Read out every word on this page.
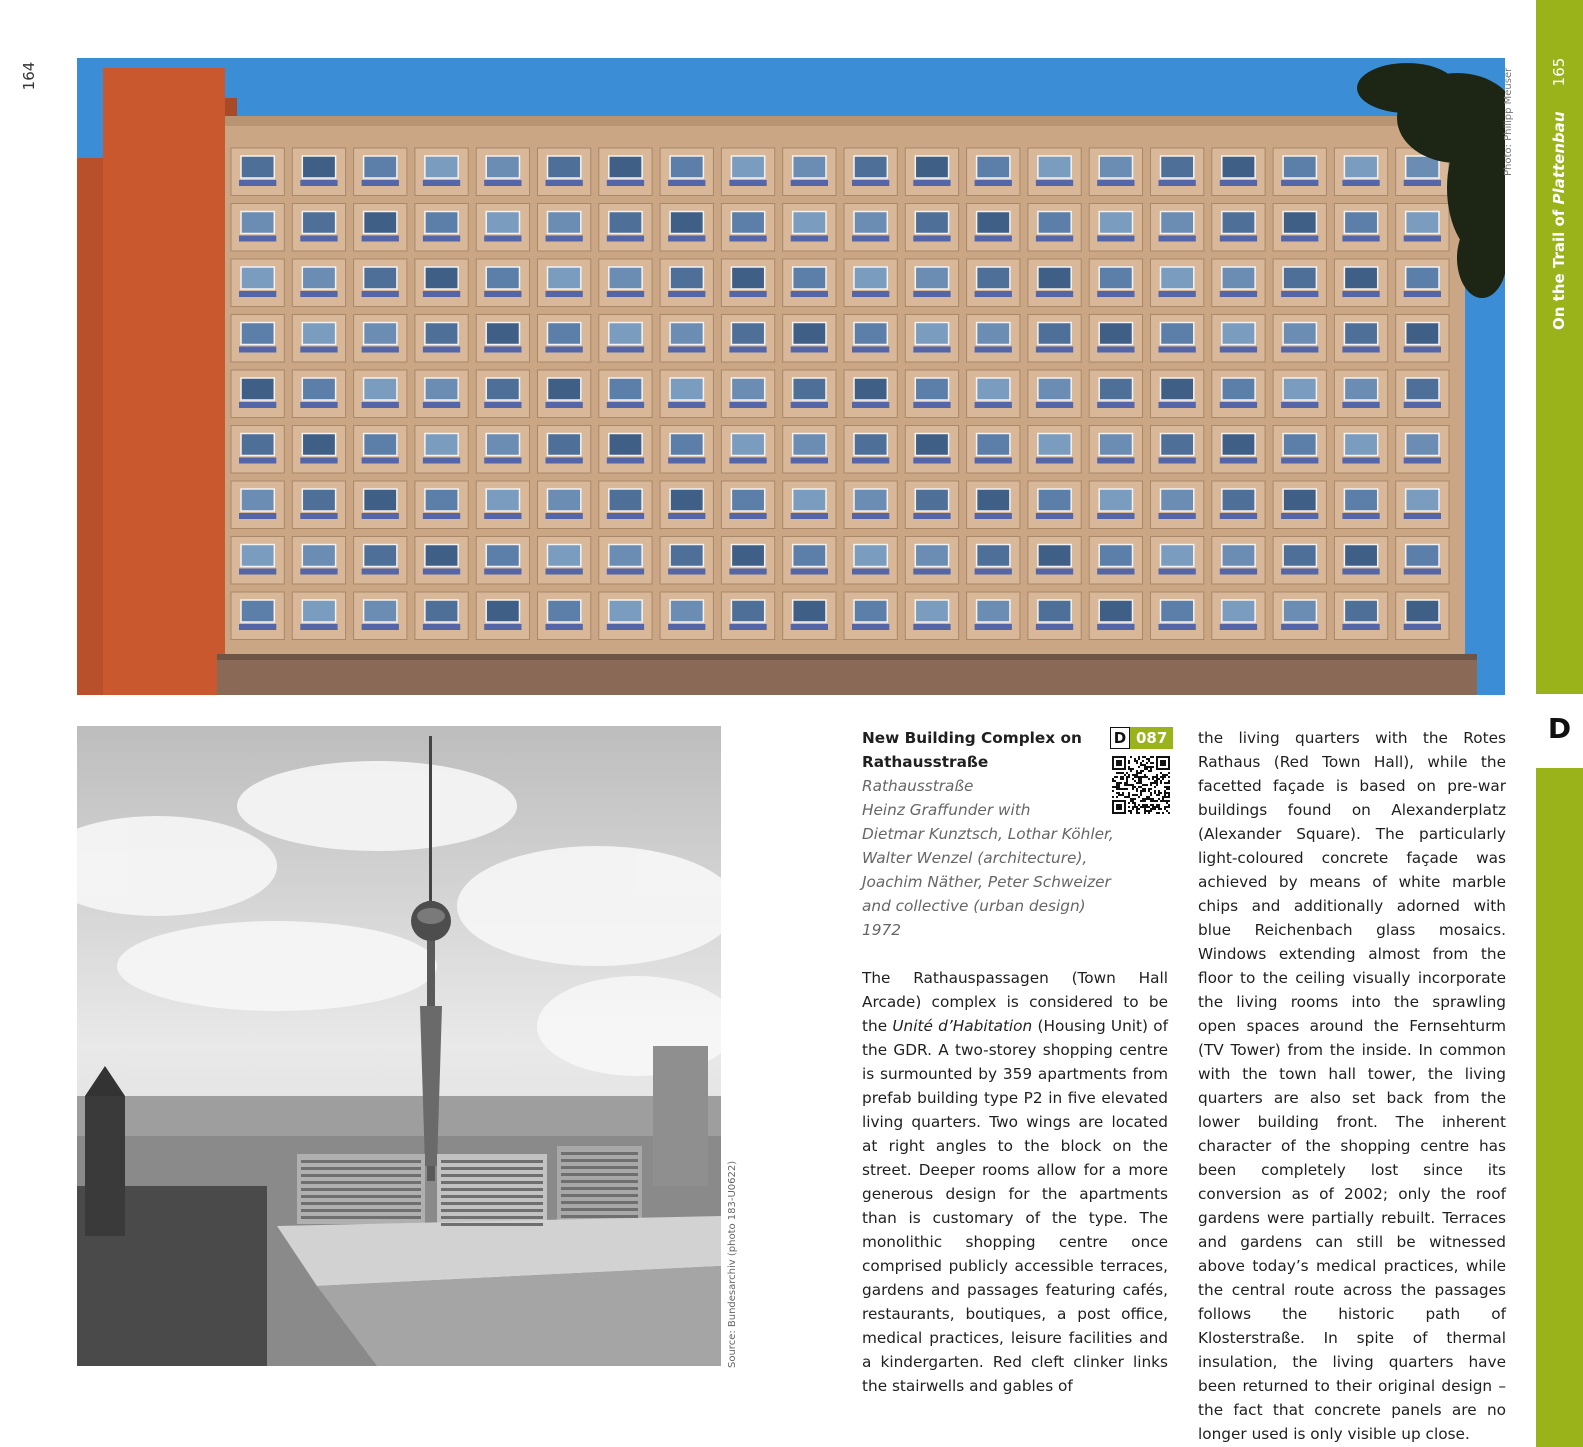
164	165
On the Trail of Plattenbau
D
Photo: Philipp Meuser
Source: Bundesarchiv (photo 183-U0622)
D 087
New Building Complex on Rathausstraße
Rathausstraße
Heinz Graffunder with
Dietmar Kunztsch, Lothar Köhler,
Walter Wenzel (architecture),
Joachim Näther, Peter Schweizer
and collective (urban design)
1972
The Rathauspassagen (Town Hall Arcade) complex is considered to be the Unité d’Habitation (Housing Unit) of the GDR. A two-storey shopping centre is surmounted by 359 apartments from prefab building type P2 in five elevated living quarters. Two wings are located at right angles to the block on the street. Deeper rooms allow for a more generous design for the apartments than is customary of the type. The monolithic shopping centre once comprised publicly accessible terraces, gardens and passages featuring cafés, restaurants, boutiques, a post office, medical practices, leisure facilities and a kindergarten. Red cleft clinker links the stairwells and gables of
the living quarters with the Rotes Rathaus (Red Town Hall), while the facetted façade is based on pre-war buildings found on Alexanderplatz (Alexander Square). The particularly light-coloured concrete façade was achieved by means of white marble chips and additionally adorned with blue Reichenbach glass mosaics. Windows extending almost from the floor to the ceiling visually incorporate the living rooms into the sprawling open spaces around the Fernsehturm (TV Tower) from the inside. In common with the town hall tower, the living quarters are also set back from the lower building front. The inherent character of the shopping centre has been completely lost since its conversion as of 2002; only the roof gardens were partially rebuilt. Terraces and gardens can still be witnessed above today’s medical practices, while the central route across the passages follows the historic path of Klosterstraße. In spite of thermal insulation, the living quarters have been returned to their original design – the fact that concrete panels are no longer used is only visible up close.
